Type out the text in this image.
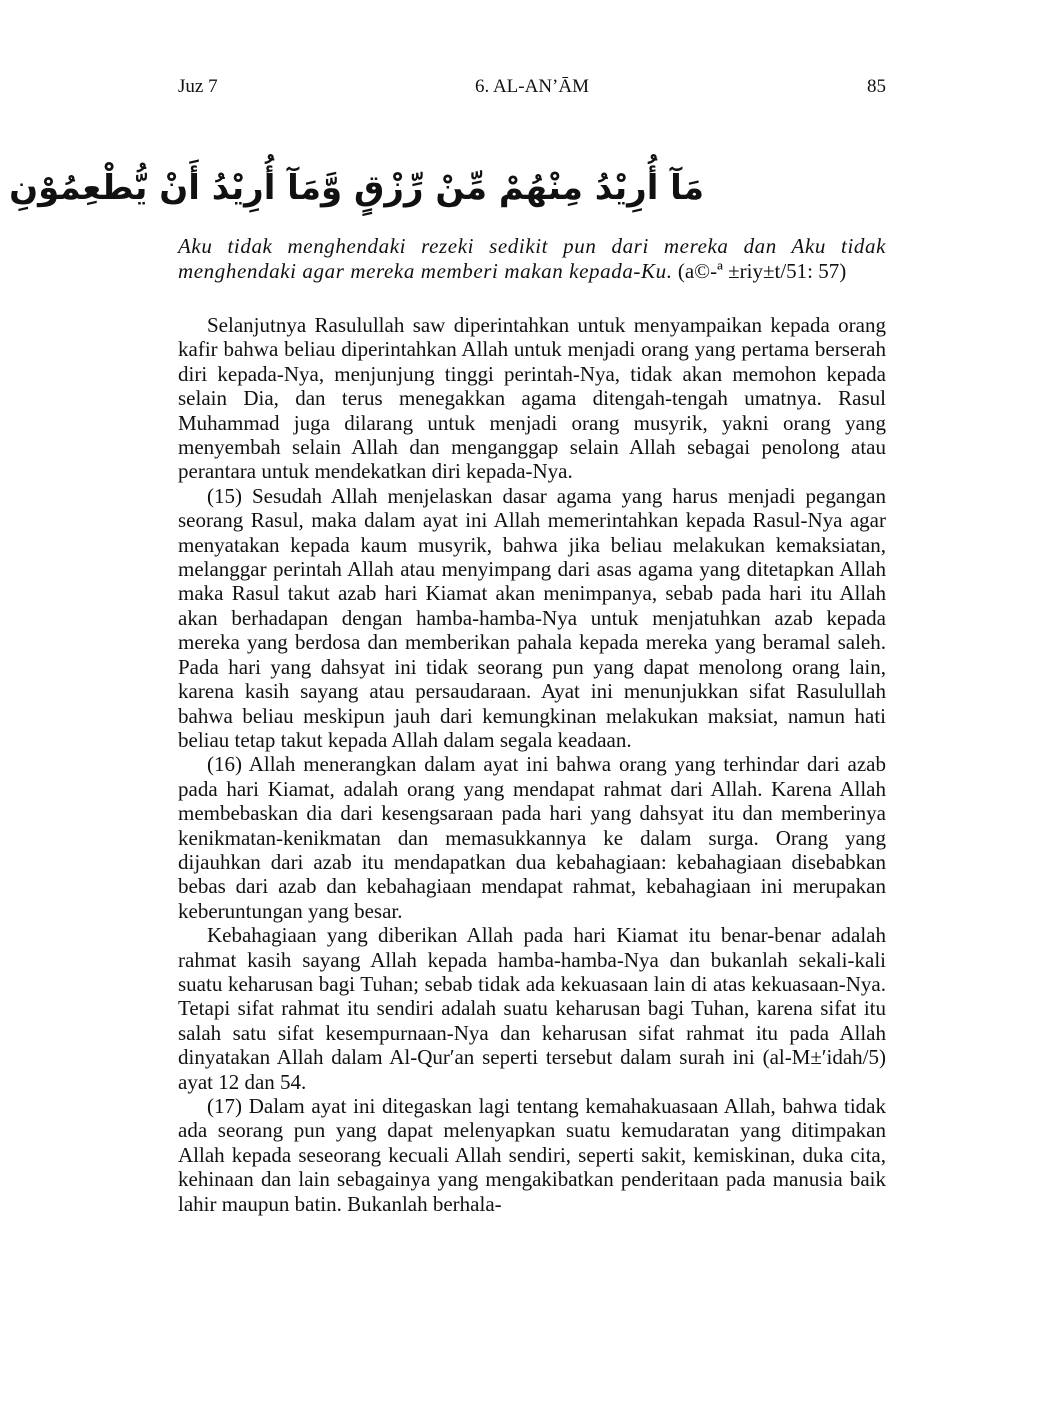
Juz 7	6. AL-AN’ĀM	85
مَآ أُرِيْدُ مِنْهُمْ مِّنْ رِّزْقٍ وَّمَآ أُرِيْدُ أَنْ يُّطْعِمُوْنِ
Aku tidak menghendaki rezeki sedikit pun dari mereka dan Aku tidak menghendaki agar mereka memberi makan kepada-Ku. (a©-ª ±riy±t/51: 57)

Selanjutnya Rasulullah saw diperintahkan untuk menyampaikan kepada orang kafir bahwa beliau diperintahkan Allah untuk menjadi orang yang pertama berserah diri kepada-Nya, menjunjung tinggi perintah-Nya, tidak akan memohon kepada selain Dia, dan terus menegakkan agama ditengah-tengah umatnya. Rasul Muhammad juga dilarang untuk menjadi orang musyrik, yakni orang yang menyembah selain Allah dan menganggap selain Allah sebagai penolong atau perantara untuk mendekatkan diri kepada-Nya.

(15) Sesudah Allah menjelaskan dasar agama yang harus menjadi pegangan seorang Rasul, maka dalam ayat ini Allah memerintahkan kepada Rasul-Nya agar menyatakan kepada kaum musyrik, bahwa jika beliau melakukan kemaksiatan, melanggar perintah Allah atau menyimpang dari asas agama yang ditetapkan Allah maka Rasul takut azab hari Kiamat akan menimpanya, sebab pada hari itu Allah akan berhadapan dengan hamba-hamba-Nya untuk menjatuhkan azab kepada mereka yang berdosa dan memberikan pahala kepada mereka yang beramal saleh. Pada hari yang dahsyat ini tidak seorang pun yang dapat menolong orang lain, karena kasih sayang atau persaudaraan. Ayat ini menunjukkan sifat Rasulullah bahwa beliau meskipun jauh dari kemungkinan melakukan maksiat, namun hati beliau tetap takut kepada Allah dalam segala keadaan.

(16) Allah menerangkan dalam ayat ini bahwa orang yang terhindar dari azab pada hari Kiamat, adalah orang yang mendapat rahmat dari Allah. Karena Allah membebaskan dia dari kesengsaraan pada hari yang dahsyat itu dan memberinya kenikmatan-kenikmatan dan memasukkannya ke dalam surga. Orang yang dijauhkan dari azab itu mendapatkan dua kebahagiaan: kebahagiaan disebabkan bebas dari azab dan kebahagiaan mendapat rahmat, kebahagiaan ini merupakan keberuntungan yang besar.

Kebahagiaan yang diberikan Allah pada hari Kiamat itu benar-benar adalah rahmat kasih sayang Allah kepada hamba-hamba-Nya dan bukanlah sekali-kali suatu keharusan bagi Tuhan; sebab tidak ada kekuasaan lain di atas kekuasaan-Nya. Tetapi sifat rahmat itu sendiri adalah suatu keharusan bagi Tuhan, karena sifat itu salah satu sifat kesempurnaan-Nya dan keharusan sifat rahmat itu pada Allah dinyatakan Allah dalam Al-Qur′an seperti tersebut dalam surah ini (al-M±′idah/5) ayat 12 dan 54.

(17) Dalam ayat ini ditegaskan lagi tentang kemahakuasaan Allah, bahwa tidak ada seorang pun yang dapat melenyapkan suatu kemudaratan yang ditimpakan Allah kepada seseorang kecuali Allah sendiri, seperti sakit, kemiskinan, duka cita, kehinaan dan lain sebagainya yang mengakibatkan penderitaan pada manusia baik lahir maupun batin. Bukanlah berhala-
